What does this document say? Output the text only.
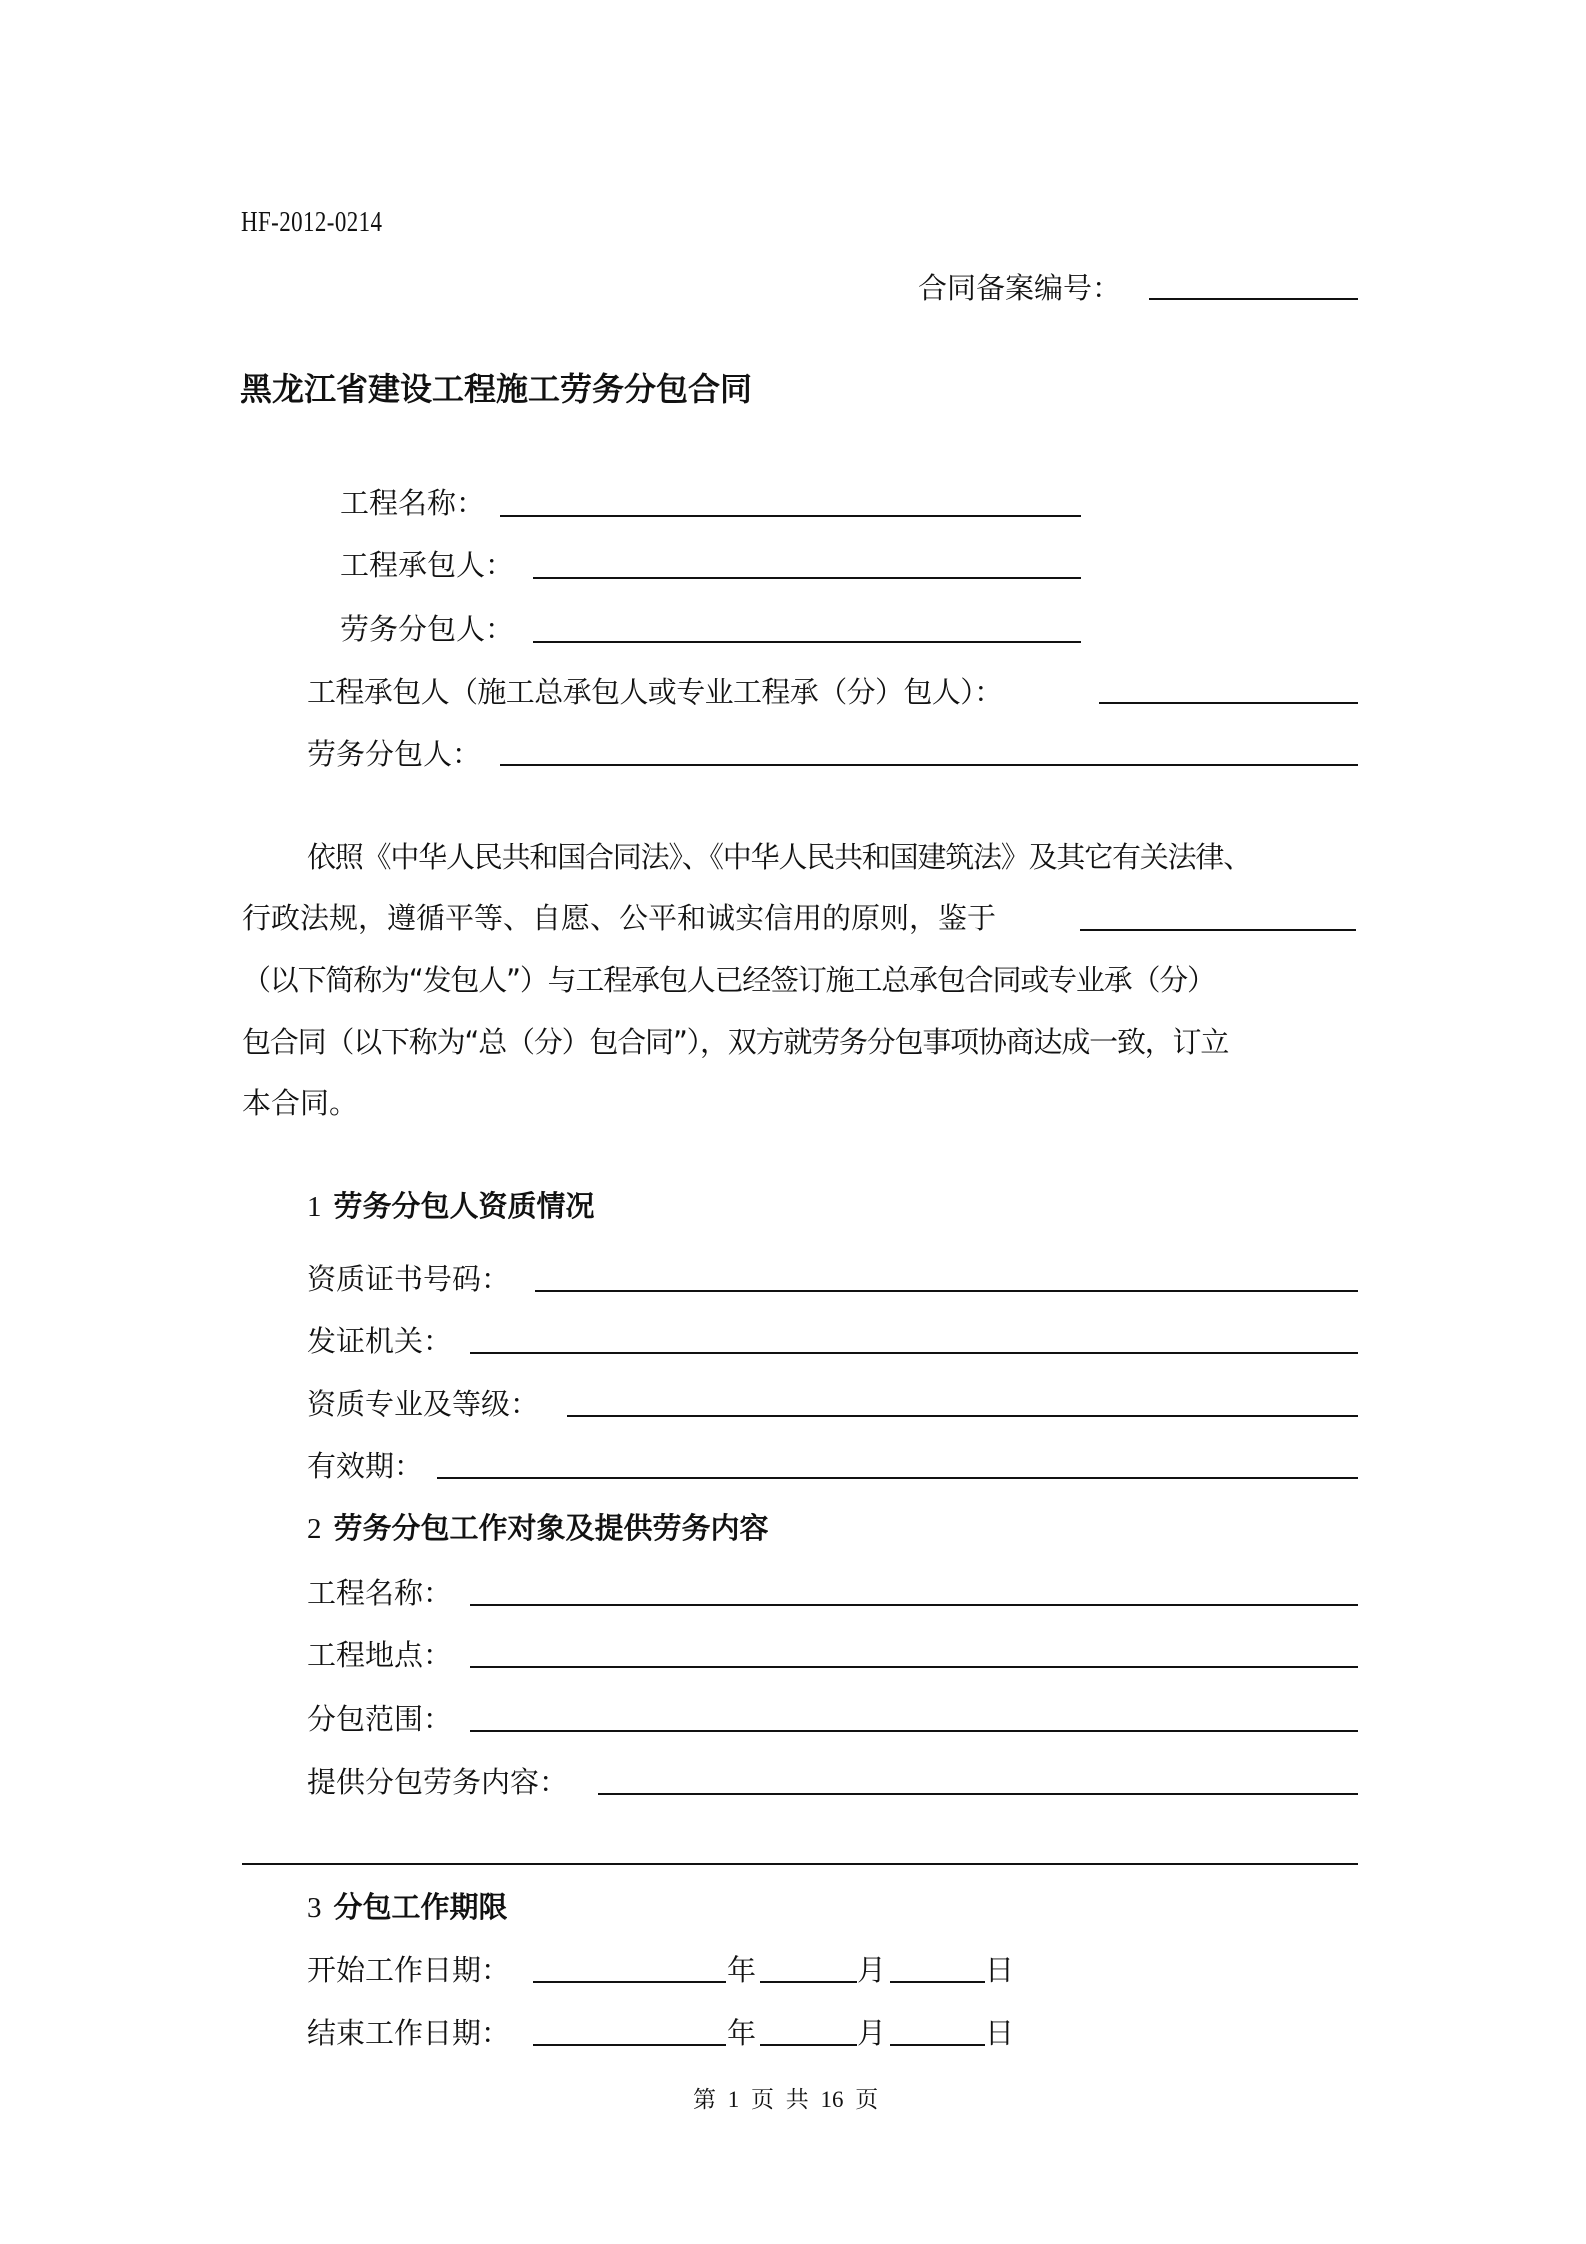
HF-2012-0214
合同备案编号：
黑龙江省建设工程施工劳务分包合同
工程名称：
工程承包人：
劳务分包人：
工程承包人（施工总承包人或专业工程承（分）包人）：
劳务分包人：
依照《中华人民共和国合同法》、《中华人民共和国建筑法》及其它有关法律、
行政法规，遵循平等、自愿、公平和诚实信用的原则，鉴于
（以下简称为“发包人”）与工程承包人已经签订施工总承包合同或专业承（分）
包合同（以下称为“总（分）包合同”），双方就劳务分包事项协商达成一致，订立
本合同。
1 劳务分包人资质情况
资质证书号码：
发证机关：
资质专业及等级：
有效期：
2 劳务分包工作对象及提供劳务内容
工程名称：
工程地点：
分包范围：
提供分包劳务内容：
3 分包工作期限
开始工作日期：	年	月	日
结束工作日期：	年	月	日
第 1 页 共 16 页
